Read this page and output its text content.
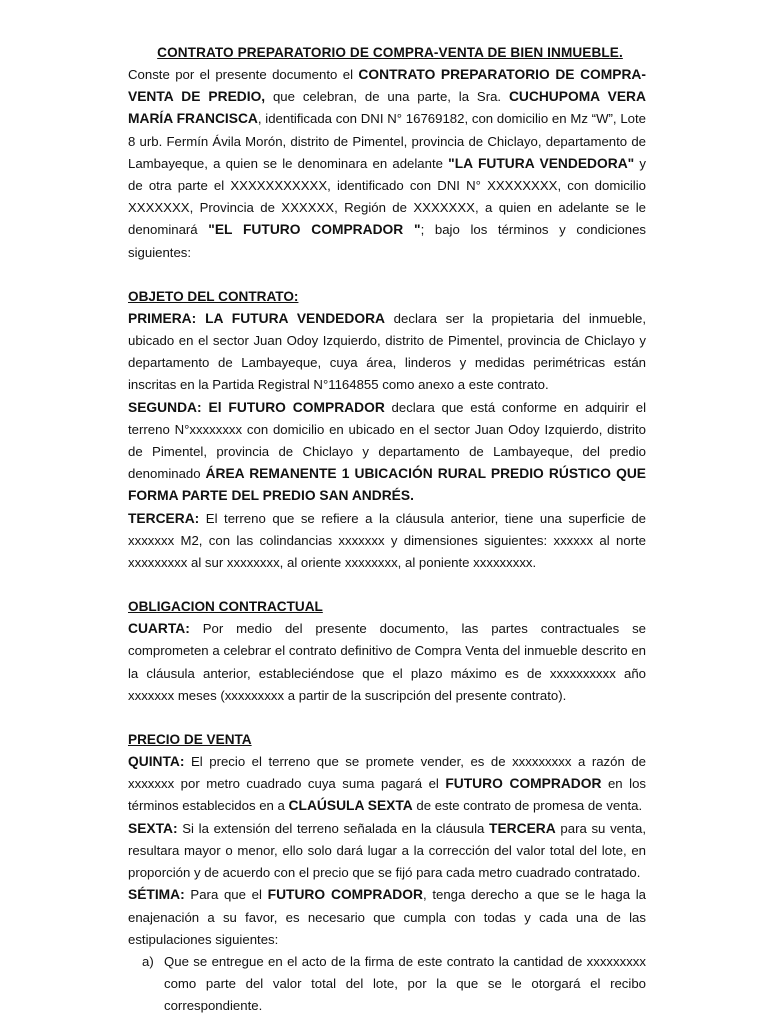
CONTRATO PREPARATORIO DE COMPRA-VENTA DE BIEN INMUEBLE.

Conste por el presente documento el CONTRATO PREPARATORIO DE COMPRA-VENTA DE PREDIO, que celebran, de una parte, la Sra. CUCHUPOMA VERA MARÍA FRANCISCA, identificada con DNI N° 16769182, con domicilio en Mz “W”, Lote 8 urb. Fermín Ávila Morón, distrito de Pimentel, provincia de Chiclayo, departamento de Lambayeque, a quien se le denominara en adelante "LA FUTURA VENDEDORA" y de otra parte el XXXXXXXXXXX, identificado con DNI N° XXXXXXXX, con domicilio XXXXXXX, Provincia de XXXXXX, Región de XXXXXXX, a quien en adelante se le denominará "EL FUTURO COMPRADOR "; bajo los términos y condiciones siguientes:

OBJETO DEL CONTRATO:

PRIMERA: LA FUTURA VENDEDORA declara ser la propietaria del inmueble, ubicado en el sector Juan Odoy Izquierdo, distrito de Pimentel, provincia de Chiclayo y departamento de Lambayeque, cuya área, linderos y medidas perimétricas están inscritas en la Partida Registral N°1164855 como anexo a este contrato.

SEGUNDA: El FUTURO COMPRADOR declara que está conforme en adquirir el terreno N°xxxxxxxx con domicilio en ubicado en el sector Juan Odoy Izquierdo, distrito de Pimentel, provincia de Chiclayo y departamento de Lambayeque, del predio denominado ÁREA REMANENTE 1 UBICACIÓN RURAL PREDIO RÚSTICO QUE FORMA PARTE DEL PREDIO SAN ANDRÉS.

TERCERA: El terreno que se refiere a la cláusula anterior, tiene una superficie de xxxxxxx M2, con las colindancias xxxxxxx y dimensiones siguientes: xxxxxx al norte xxxxxxxxx al sur xxxxxxxx, al oriente xxxxxxxx, al poniente xxxxxxxxx.

OBLIGACION CONTRACTUAL

CUARTA: Por medio del presente documento, las partes contractuales se comprometen a celebrar el contrato definitivo de Compra Venta del inmueble descrito en la cláusula anterior, estableciéndose que el plazo máximo es de xxxxxxxxxx año xxxxxxx meses (xxxxxxxxx a partir de la suscripción del presente contrato).

PRECIO DE VENTA

QUINTA: El precio el terreno que se promete vender, es de xxxxxxxxx a razón de xxxxxxx por metro cuadrado cuya suma pagará el FUTURO COMPRADOR en los términos establecidos en a CLAÚSULA SEXTA de este contrato de promesa de venta.

SEXTA: Si la extensión del terreno señalada en la cláusula TERCERA para su venta, resultara mayor o menor, ello solo dará lugar a la corrección del valor total del lote, en proporción y de acuerdo con el precio que se fijó para cada metro cuadrado contratado.

SÉTIMA: Para que el FUTURO COMPRADOR, tenga derecho a que se le haga la enajenación a su favor, es necesario que cumpla con todas y cada una de las estipulaciones siguientes:

a) Que se entregue en el acto de la firma de este contrato la cantidad de xxxxxxxxx como parte del valor total del lote, por la que se le otorgará el recibo correspondiente.
